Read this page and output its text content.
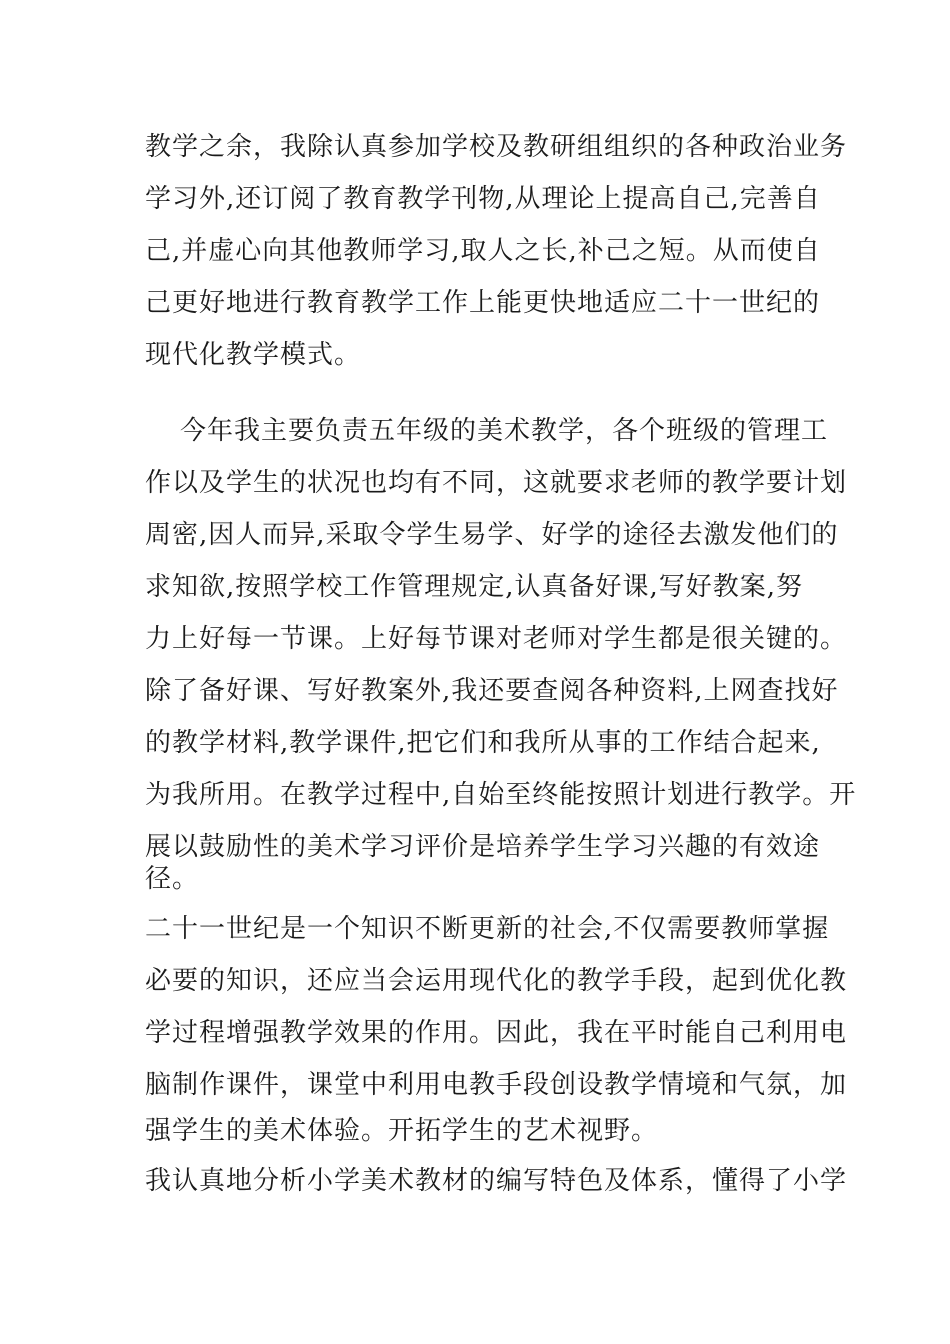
教学之余，我除认真参加学校及教研组组织的各种政治业务
学习外,还订阅了教育教学刊物,从理论上提高自己,完善自
己,并虚心向其他教师学习,取人之长,补己之短。从而使自
己更好地进行教育教学工作上能更快地适应二十一世纪的
现代化教学模式。
今年我主要负责五年级的美术教学，各个班级的管理工
作以及学生的状况也均有不同，这就要求老师的教学要计划
周密,因人而异,采取令学生易学、好学的途径去激发他们的
求知欲,按照学校工作管理规定,认真备好课,写好教案,努
力上好每一节课。上好每节课对老师对学生都是很关键的。
除了备好课、写好教案外,我还要查阅各种资料,上网查找好
的教学材料,教学课件,把它们和我所从事的工作结合起来,
为我所用。在教学过程中,自始至终能按照计划进行教学。开
展以鼓励性的美术学习评价是培养学生学习兴趣的有效途
径。
二十一世纪是一个知识不断更新的社会,不仅需要教师掌握
必要的知识，还应当会运用现代化的教学手段，起到优化教
学过程增强教学效果的作用。因此，我在平时能自己利用电
脑制作课件，课堂中利用电教手段创设教学情境和气氛，加
强学生的美术体验。开拓学生的艺术视野。
我认真地分析小学美术教材的编写特色及体系，懂得了小学
